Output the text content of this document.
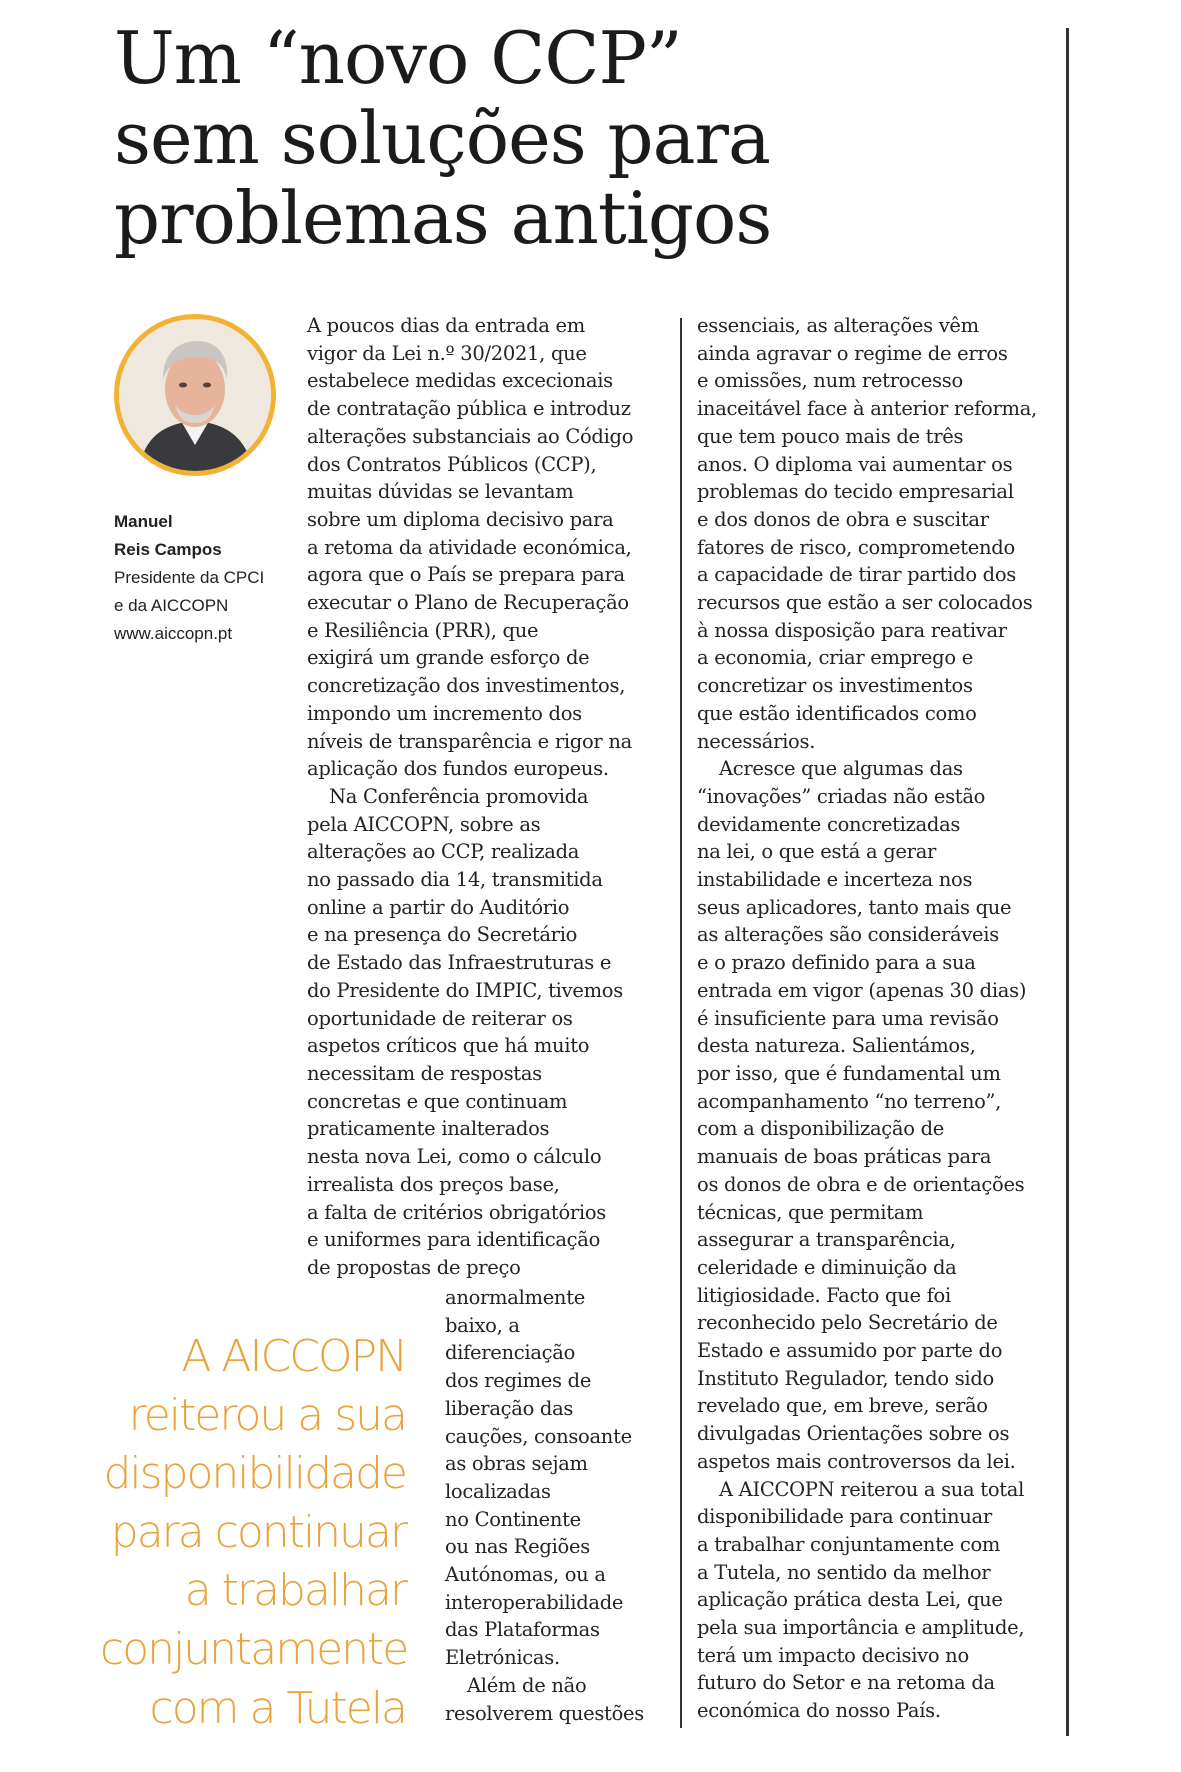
Um “novo CCP”
sem soluções para
problemas antigos
Manuel
Reis Campos
Presidente da CPCI
e da AICCOPN
www.aiccopn.pt
A AICCOPN
reiterou a sua
disponibilidade
para continuar
a trabalhar
conjuntamente
com a Tutela
A poucos dias da entrada em
vigor da Lei n.º 30/2021, que
estabelece medidas excecionais
de contratação pública e introduz
alterações substanciais ao Código
dos Contratos Públicos (CCP),
muitas dúvidas se levantam
sobre um diploma decisivo para
a retoma da atividade económica,
agora que o País se prepara para
executar o Plano de Recuperação
e Resiliência (PRR), que
exigirá um grande esforço de
concretização dos investimentos,
impondo um incremento dos
níveis de transparência e rigor na
aplicação dos fundos europeus.
Na Conferência promovida
pela AICCOPN, sobre as
alterações ao CCP, realizada
no passado dia 14, transmitida
online a partir do Auditório
e na presença do Secretário
de Estado das Infraestruturas e
do Presidente do IMPIC, tivemos
oportunidade de reiterar os
aspetos críticos que há muito
necessitam de respostas
concretas e que continuam
praticamente inalterados
nesta nova Lei, como o cálculo
irrealista dos preços base,
a falta de critérios obrigatórios
e uniformes para identificação
de propostas de preço
anormalmente
baixo, a
diferenciação
dos regimes de
liberação das
cauções, consoante
as obras sejam
localizadas
no Continente
ou nas Regiões
Autónomas, ou a
interoperabilidade
das Plataformas
Eletrónicas.
Além de não
resolverem questões
essenciais, as alterações vêm
ainda agravar o regime de erros
e omissões, num retrocesso
inaceitável face à anterior reforma,
que tem pouco mais de três
anos. O diploma vai aumentar os
problemas do tecido empresarial
e dos donos de obra e suscitar
fatores de risco, comprometendo
a capacidade de tirar partido dos
recursos que estão a ser colocados
à nossa disposição para reativar
a economia, criar emprego e
concretizar os investimentos
que estão identificados como
necessários.
Acresce que algumas das
“inovações” criadas não estão
devidamente concretizadas
na lei, o que está a gerar
instabilidade e incerteza nos
seus aplicadores, tanto mais que
as alterações são consideráveis
e o prazo definido para a sua
entrada em vigor (apenas 30 dias)
é insuficiente para uma revisão
desta natureza. Salientámos,
por isso, que é fundamental um
acompanhamento “no terreno”,
com a disponibilização de
manuais de boas práticas para
os donos de obra e de orientações
técnicas, que permitam
assegurar a transparência,
celeridade e diminuição da
litigiosidade. Facto que foi
reconhecido pelo Secretário de
Estado e assumido por parte do
Instituto Regulador, tendo sido
revelado que, em breve, serão
divulgadas Orientações sobre os
aspetos mais controversos da lei.
A AICCOPN reiterou a sua total
disponibilidade para continuar
a trabalhar conjuntamente com
a Tutela, no sentido da melhor
aplicação prática desta Lei, que
pela sua importância e amplitude,
terá um impacto decisivo no
futuro do Setor e na retoma da
económica do nosso País.
